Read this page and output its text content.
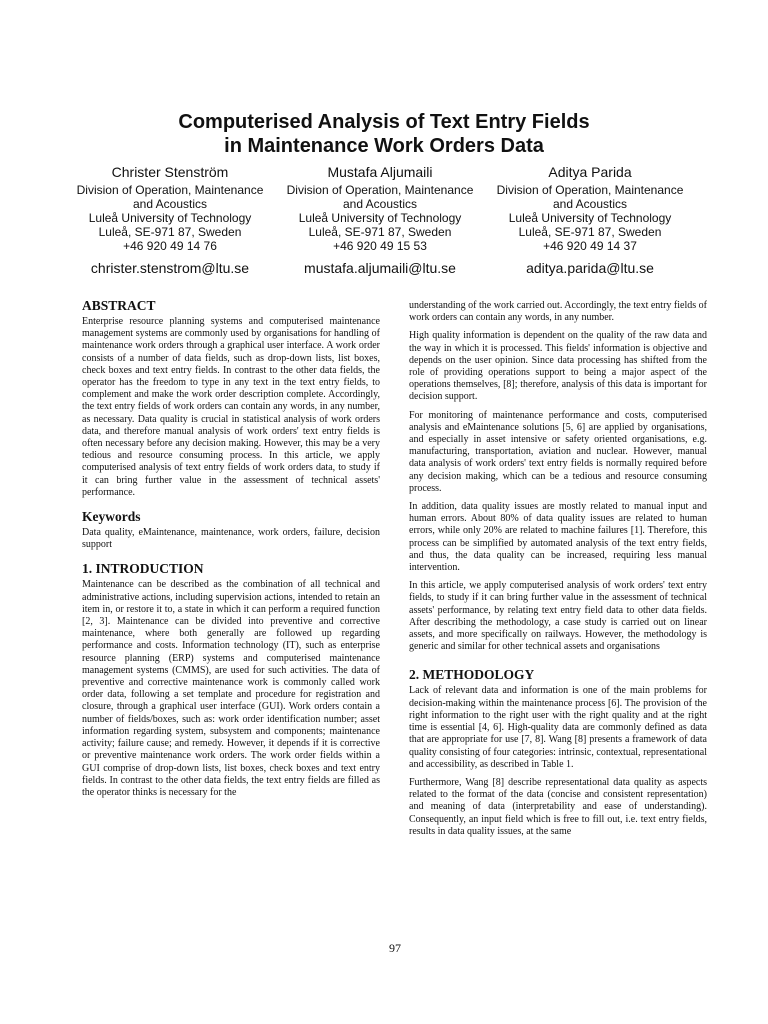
Computerised Analysis of Text Entry Fields
in Maintenance Work Orders Data
Christer Stenström
Division of Operation, Maintenance
and Acoustics
Luleå University of Technology
Luleå, SE-971 87, Sweden
+46 920 49 14 76
christer.stenstrom@ltu.se
Mustafa Aljumaili
Division of Operation, Maintenance
and Acoustics
Luleå University of Technology
Luleå, SE-971 87, Sweden
+46 920 49 15 53
mustafa.aljumaili@ltu.se
Aditya Parida
Division of Operation, Maintenance
and Acoustics
Luleå University of Technology
Luleå, SE-971 87, Sweden
+46 920 49 14 37
aditya.parida@ltu.se
ABSTRACT

Enterprise resource planning systems and computerised maintenance management systems are commonly used by organisations for handling of maintenance work orders through a graphical user interface. A work order consists of a number of data fields, such as drop-down lists, list boxes, check boxes and text entry fields. In contrast to the other data fields, the operator has the freedom to type in any text in the text entry fields, to complement and make the work order description complete. Accordingly, the text entry fields of work orders can contain any words, in any number, as necessary. Data quality is crucial in statistical analysis of work orders data, and therefore manual analysis of work orders' text entry fields is often necessary before any decision making. However, this may be a very tedious and resource consuming process. In this article, we apply computerised analysis of text entry fields of work orders data, to study if it can bring further value in the assessment of technical assets' performance.

Keywords

Data quality, eMaintenance, maintenance, work orders, failure, decision support

1. INTRODUCTION

Maintenance can be described as the combination of all technical and administrative actions, including supervision actions, intended to retain an item in, or restore it to, a state in which it can perform a required function [2, 3]. Maintenance can be divided into preventive and corrective maintenance, where both generally are followed up regarding performance and costs. Information technology (IT), such as enterprise resource planning (ERP) systems and computerised maintenance management systems (CMMS), are used for such activities. The data of preventive and corrective maintenance work is commonly called work order data, following a set template and procedure for registration and closure, through a graphical user interface (GUI). Work orders contain a number of fields/boxes, such as: work order identification number; asset information regarding system, subsystem and components; maintenance activity; failure cause; and remedy. However, it depends if it is corrective or preventive maintenance work orders. The work order fields within a GUI comprise of drop-down lists, list boxes, check boxes and text entry fields. In contrast to the other data fields, the text entry fields are filled as the operator thinks is necessary for the

understanding of the work carried out. Accordingly, the text entry fields of work orders can contain any words, in any number.

High quality information is dependent on the quality of the raw data and the way in which it is processed. This fields' information is objective and depends on the user opinion. Since data processing has shifted from the role of providing operations support to being a major aspect of the operations themselves, [8]; therefore, analysis of this data is important for decision support.

For monitoring of maintenance performance and costs, computerised analysis and eMaintenance solutions [5, 6] are applied by organisations, and especially in asset intensive or safety oriented organisations, e.g. manufacturing, transportation, aviation and nuclear. However, manual data analysis of work orders' text entry fields is normally required before any decision making, which can be a tedious and resource consuming process.

In addition, data quality issues are mostly related to manual input and human errors. About 80% of data quality issues are related to human errors, while only 20% are related to machine failures [1]. Therefore, this process can be simplified by automated analysis of the text entry fields, and thus, the data quality can be increased, requiring less manual intervention.

In this article, we apply computerised analysis of work orders' text entry fields, to study if it can bring further value in the assessment of technical assets' performance, by relating text entry field data to other data fields. After describing the methodology, a case study is carried out on linear assets, and more specifically on railways. However, the methodology is generic and similar for other technical assets and organisations

2. METHODOLOGY

Lack of relevant data and information is one of the main problems for decision-making within the maintenance process [6]. The provision of the right information to the right user with the right quality and at the right time is essential [4, 6]. High-quality data are commonly defined as data that are appropriate for use [7, 8]. Wang [8] presents a framework of data quality consisting of four categories: intrinsic, contextual, representational and accessibility, as described in Table 1.

Furthermore, Wang [8] describe representational data quality as aspects related to the format of the data (concise and consistent representation) and meaning of data (interpretability and ease of understanding). Consequently, an input field which is free to fill out, i.e. text entry fields, results in data quality issues, at the same

97
